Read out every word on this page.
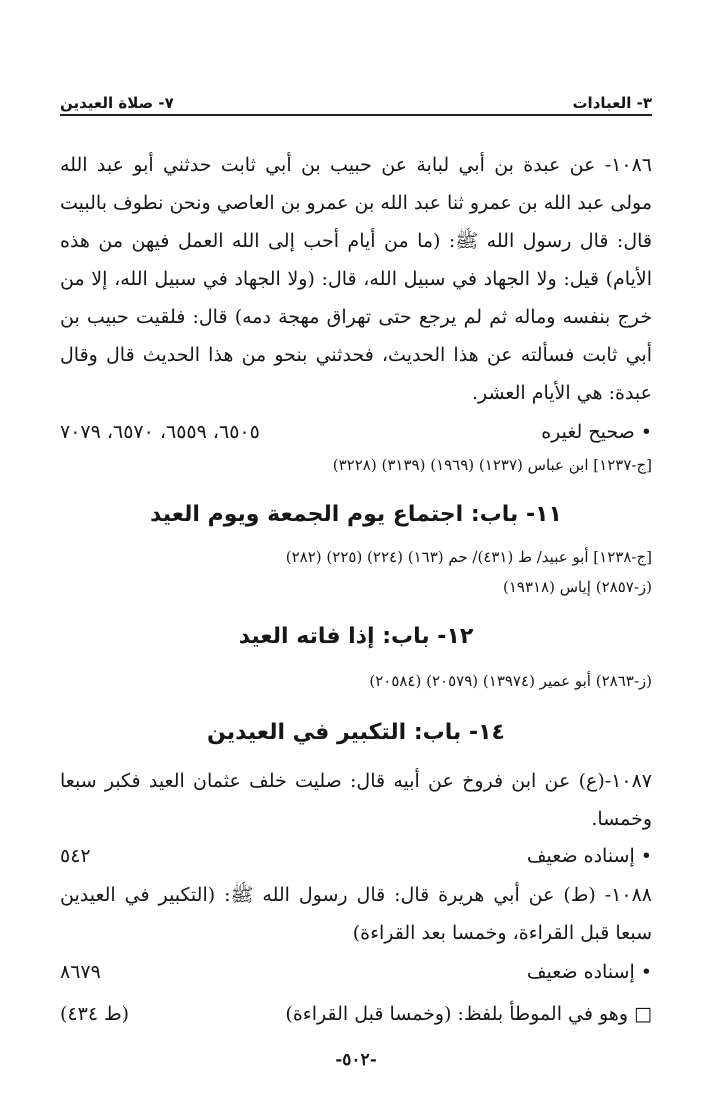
٣- العبادات
٧- صلاة العيدين
١٠٨٦- عن عبدة بن أبي لبابة عن حبيب بن أبي ثابت حدثني أبو عبد الله مولى عبد الله بن عمرو ثنا عبد الله بن عمرو بن العاصي ونحن نطوف بالبيت قال: قال رسول الله ﷺ: (ما من أيام أحب إلى الله العمل فيهن من هذه الأيام) قيل: ولا الجهاد في سبيل الله، قال: (ولا الجهاد في سبيل الله، إلا من خرج بنفسه وماله ثم لم يرجع حتى تهراق مهجة دمه) قال: فلقيت حبيب بن أبي ثابت فسألته عن هذا الحديث، فحدثني بنحو من هذا الحديث قال وقال عبدة: هي الأيام العشر.
• صحيح لغيره
٦٥٠٥، ٦٥٥٩، ٦٥٧٠، ٧٠٧٩
[ج-١٢٣٧] ابن عباس (١٢٣٧) (١٩٦٩) (٣١٣٩) (٣٢٢٨)
١١- باب: اجتماع يوم الجمعة ويوم العيد
[ج-١٢٣٨] أبو عبيد/ ط (٤٣١)/ حم (١٦٣) (٢٢٤) (٢٢٥) (٢٨٢)
(ز-٢٨٥٧) إياس (١٩٣١٨)
١٢- باب: إذا فاته العيد
(ز-٢٨٦٣) أبو عمير (١٣٩٧٤) (٢٠٥٧٩) (٢٠٥٨٤)
١٤- باب: التكبير في العيدين
١٠٨٧-(ع) عن ابن فروخ عن أبيه قال: صليت خلف عثمان العيد فكبر سبعا وخمسا.
• إسناده ضعيف
٥٤٢
١٠٨٨- (ط) عن أبي هريرة قال: قال رسول الله ﷺ: (التكبير في العيدين سبعا قبل القراءة، وخمسا بعد القراءة)
• إسناده ضعيف
٨٦٧٩
□ وهو في الموطأ بلفظ: (وخمسا قبل القراءة)
(ط ٤٣٤)
-٥٠٢-
